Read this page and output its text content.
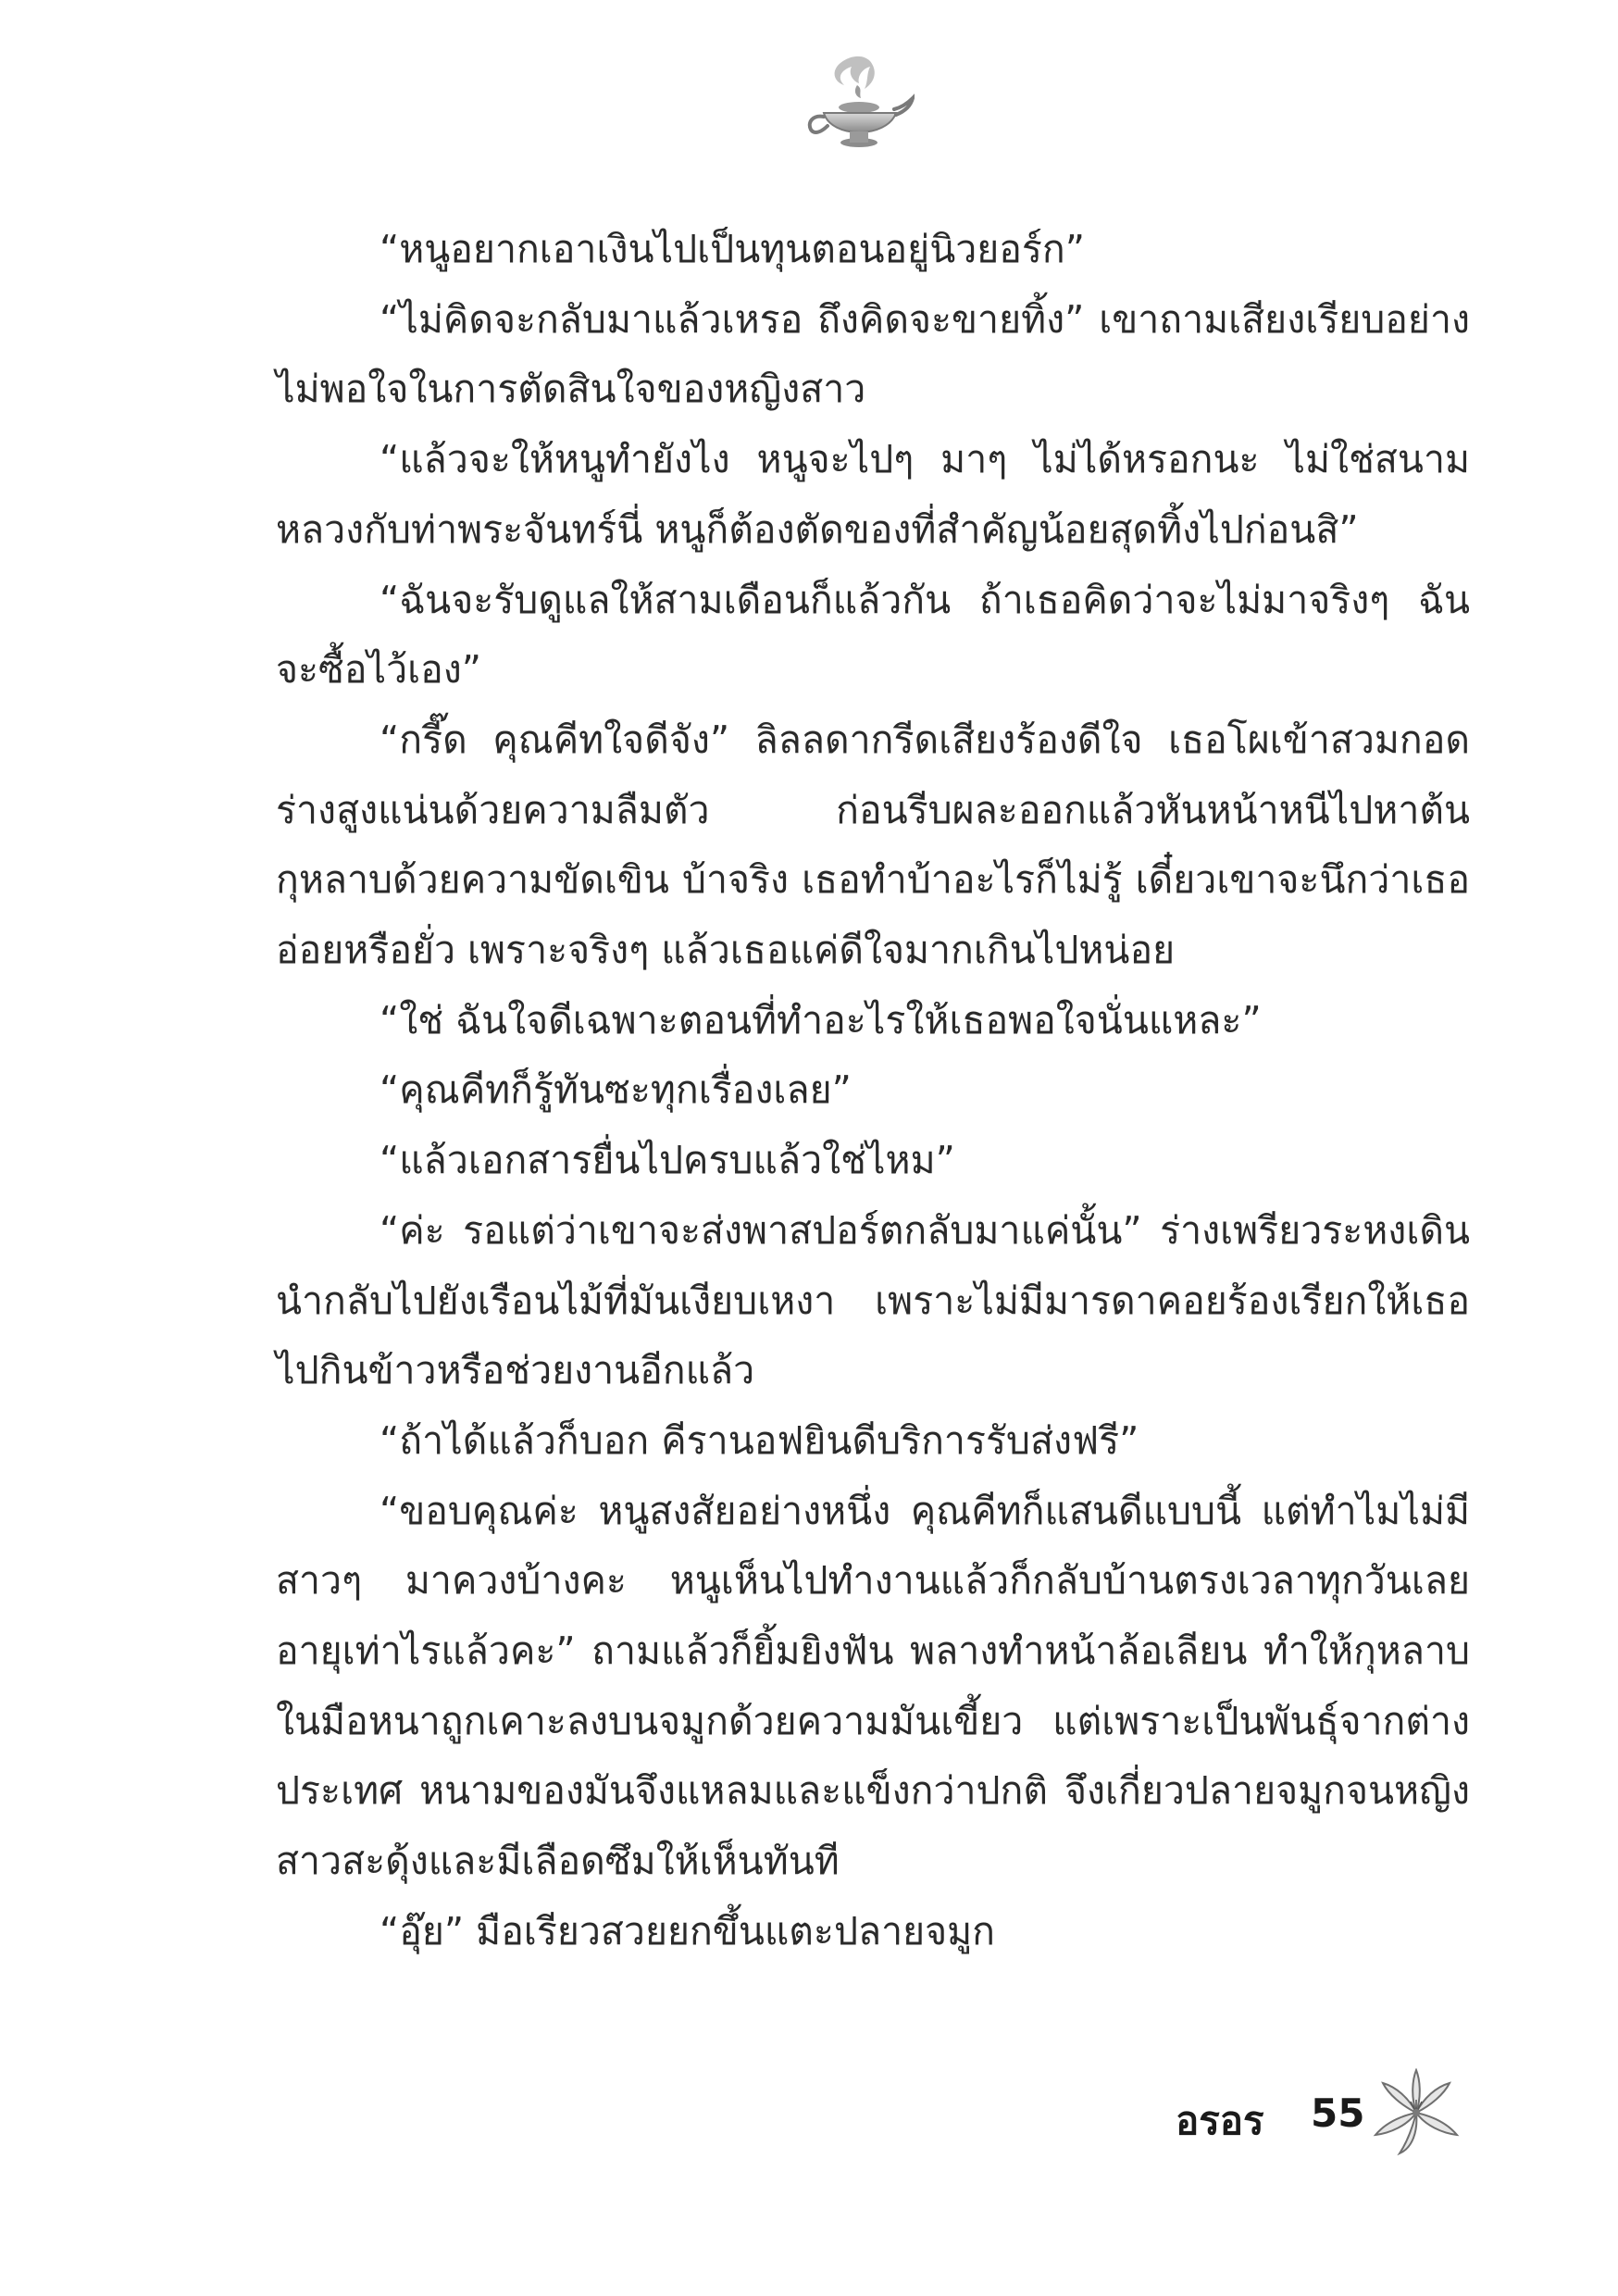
“หนูอยากเอาเงินไปเป็นทุนตอนอยู่นิวยอร์ก”

“ไม่คิดจะกลับมาแล้วเหรอ ถึงคิดจะขายทิ้ง” เขาถามเสียงเรียบอย่างไม่พอใจในการตัดสินใจของหญิงสาว

“แล้วจะให้หนูทำยังไง หนูจะไปๆ มาๆ ไม่ได้หรอกนะ ไม่ใช่สนามหลวงกับท่าพระจันทร์นี่ หนูก็ต้องตัดของที่สำคัญน้อยสุดทิ้งไปก่อนสิ”

“ฉันจะรับดูแลให้สามเดือนก็แล้วกัน ถ้าเธอคิดว่าจะไม่มาจริงๆ ฉันจะซื้อไว้เอง”

“กรี๊ด คุณคีทใจดีจัง” ลิลลดากรีดเสียงร้องดีใจ เธอโผเข้าสวมกอดร่างสูงแน่นด้วยความลืมตัว ก่อนรีบผละออกแล้วหันหน้าหนีไปหาต้นกุหลาบด้วยความขัดเขิน บ้าจริง เธอทำบ้าอะไรก็ไม่รู้ เดี๋ยวเขาจะนึกว่าเธออ่อยหรือยั่ว เพราะจริงๆ แล้วเธอแค่ดีใจมากเกินไปหน่อย

“ใช่ ฉันใจดีเฉพาะตอนที่ทำอะไรให้เธอพอใจนั่นแหละ”

“คุณคีทก็รู้ทันซะทุกเรื่องเลย”

“แล้วเอกสารยื่นไปครบแล้วใช่ไหม”

“ค่ะ รอแต่ว่าเขาจะส่งพาสปอร์ตกลับมาแค่นั้น” ร่างเพรียวระหงเดินนำกลับไปยังเรือนไม้ที่มันเงียบเหงา เพราะไม่มีมารดาคอยร้องเรียกให้เธอไปกินข้าวหรือช่วยงานอีกแล้ว

“ถ้าได้แล้วก็บอก คีรานอฟยินดีบริการรับส่งฟรี”

“ขอบคุณค่ะ หนูสงสัยอย่างหนึ่ง คุณคีทก็แสนดีแบบนี้ แต่ทำไมไม่มีสาวๆ มาควงบ้างคะ หนูเห็นไปทำงานแล้วก็กลับบ้านตรงเวลาทุกวันเลยอายุเท่าไรแล้วคะ” ถามแล้วก็ยิ้มยิงฟัน พลางทำหน้าล้อเลียน ทำให้กุหลาบในมือหนาถูกเคาะลงบนจมูกด้วยความมันเขี้ยว แต่เพราะเป็นพันธุ์จากต่างประเทศ หนามของมันจึงแหลมและแข็งกว่าปกติ จึงเกี่ยวปลายจมูกจนหญิงสาวสะดุ้งและมีเลือดซึมให้เห็นทันที

“อุ๊ย” มือเรียวสวยยกขึ้นแตะปลายจมูก

อรอร 55
